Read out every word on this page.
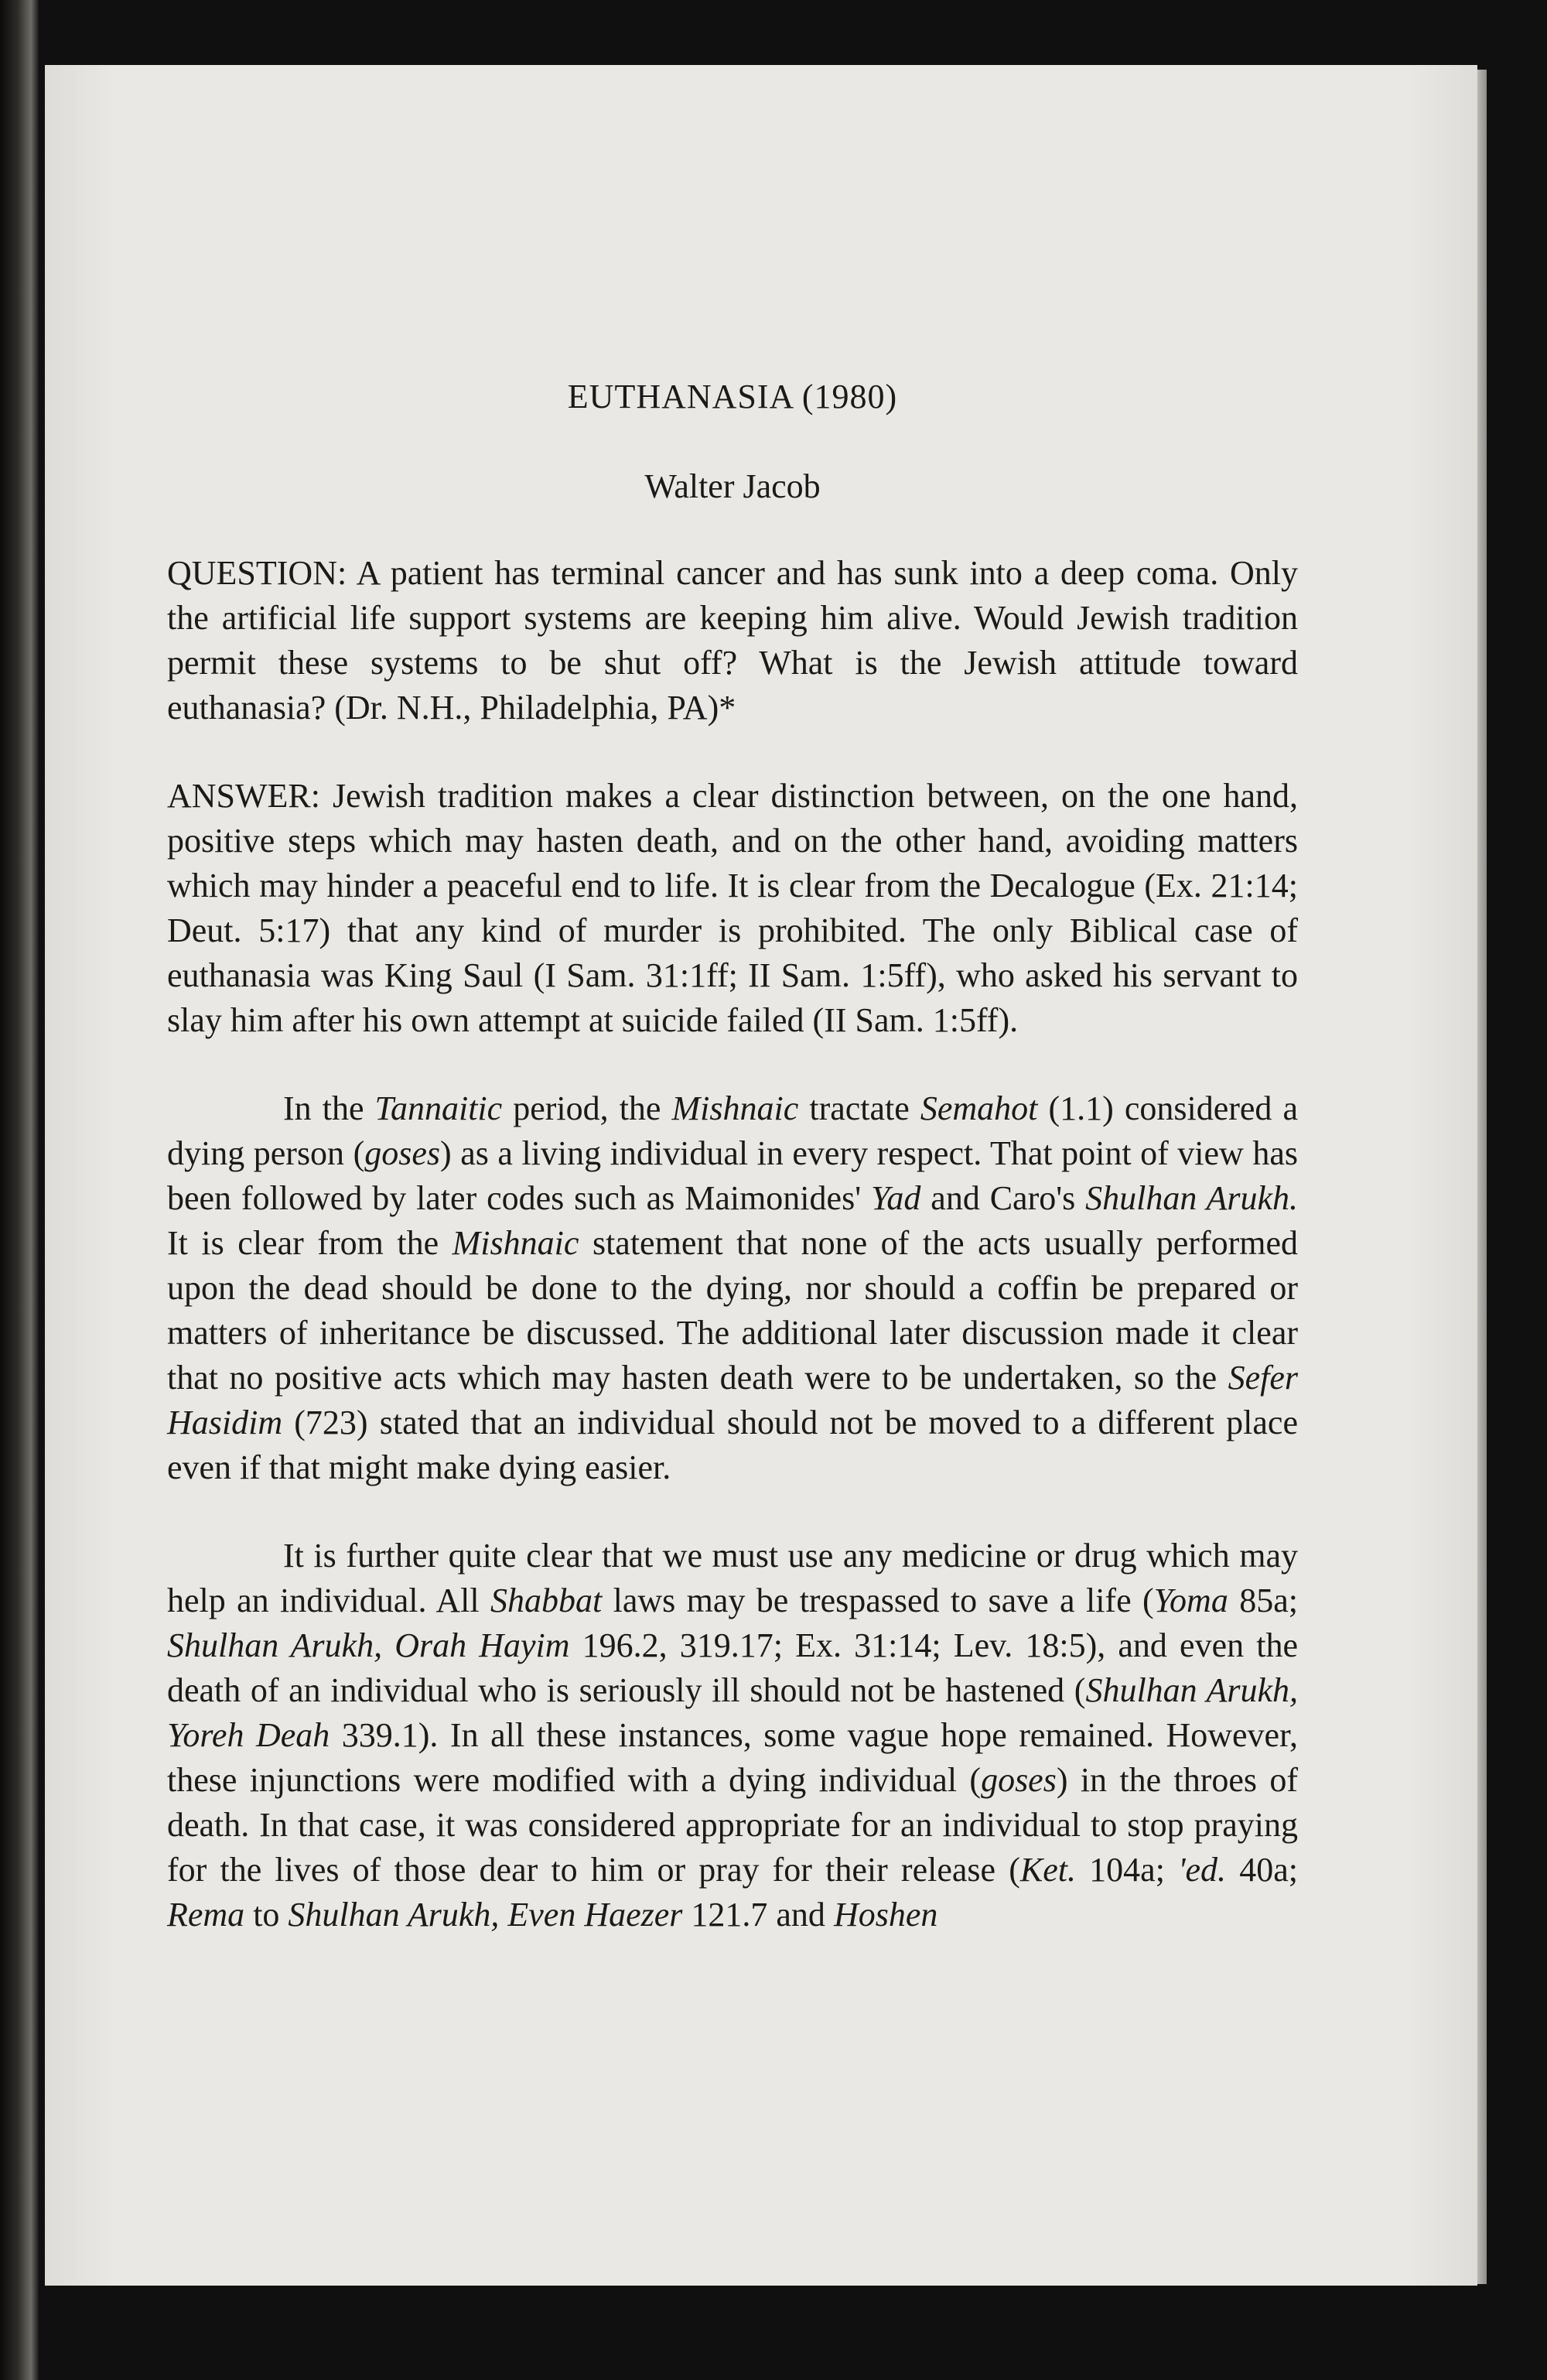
EUTHANASIA (1980)
Walter Jacob

QUESTION: A patient has terminal cancer and has sunk into a deep coma. Only the artificial life support systems are keeping him alive. Would Jewish tradition permit these systems to be shut off? What is the Jewish attitude toward euthanasia? (Dr. N.H., Philadelphia, PA)*

ANSWER: Jewish tradition makes a clear distinction between, on the one hand, positive steps which may hasten death, and on the other hand, avoiding matters which may hinder a peaceful end to life. It is clear from the Decalogue (Ex. 21:14; Deut. 5:17) that any kind of murder is prohibited. The only Biblical case of euthanasia was King Saul (I Sam. 31:1ff; II Sam. 1:5ff), who asked his servant to slay him after his own attempt at suicide failed (II Sam. 1:5ff).

In the Tannaitic period, the Mishnaic tractate Semahot (1.1) considered a dying person (goses) as a living individual in every respect. That point of view has been followed by later codes such as Maimonides' Yad and Caro's Shulhan Arukh. It is clear from the Mishnaic statement that none of the acts usually performed upon the dead should be done to the dying, nor should a coffin be prepared or matters of inheritance be discussed. The additional later discussion made it clear that no positive acts which may hasten death were to be undertaken, so the Sefer Hasidim (723) stated that an individual should not be moved to a different place even if that might make dying easier.

It is further quite clear that we must use any medicine or drug which may help an individual. All Shabbat laws may be trespassed to save a life (Yoma 85a; Shulhan Arukh, Orah Hayim 196.2, 319.17; Ex. 31:14; Lev. 18:5), and even the death of an individual who is seriously ill should not be hastened (Shulhan Arukh, Yoreh Deah 339.1). In all these instances, some vague hope remained. However, these injunctions were modified with a dying individual (goses) in the throes of death. In that case, it was considered appropriate for an individual to stop praying for the lives of those dear to him or pray for their release (Ket. 104a; 'ed. 40a; Rema to Shulhan Arukh, Even Haezer 121.7 and Hoshen
